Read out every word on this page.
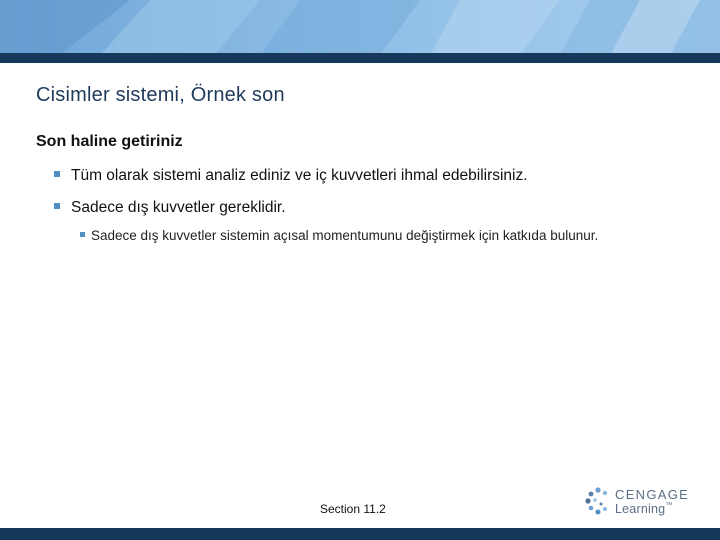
Cisimler sistemi, Örnek son
Son haline getiriniz
Tüm olarak sistemi analiz ediniz ve iç kuvvetleri ihmal edebilirsiniz.
Sadece dış kuvvetler gereklidir.
Sadece dış kuvvetler sistemin açısal momentumunu değiştirmek için katkıda bulunur.
Section 11.2
CENGAGE
Learning™
